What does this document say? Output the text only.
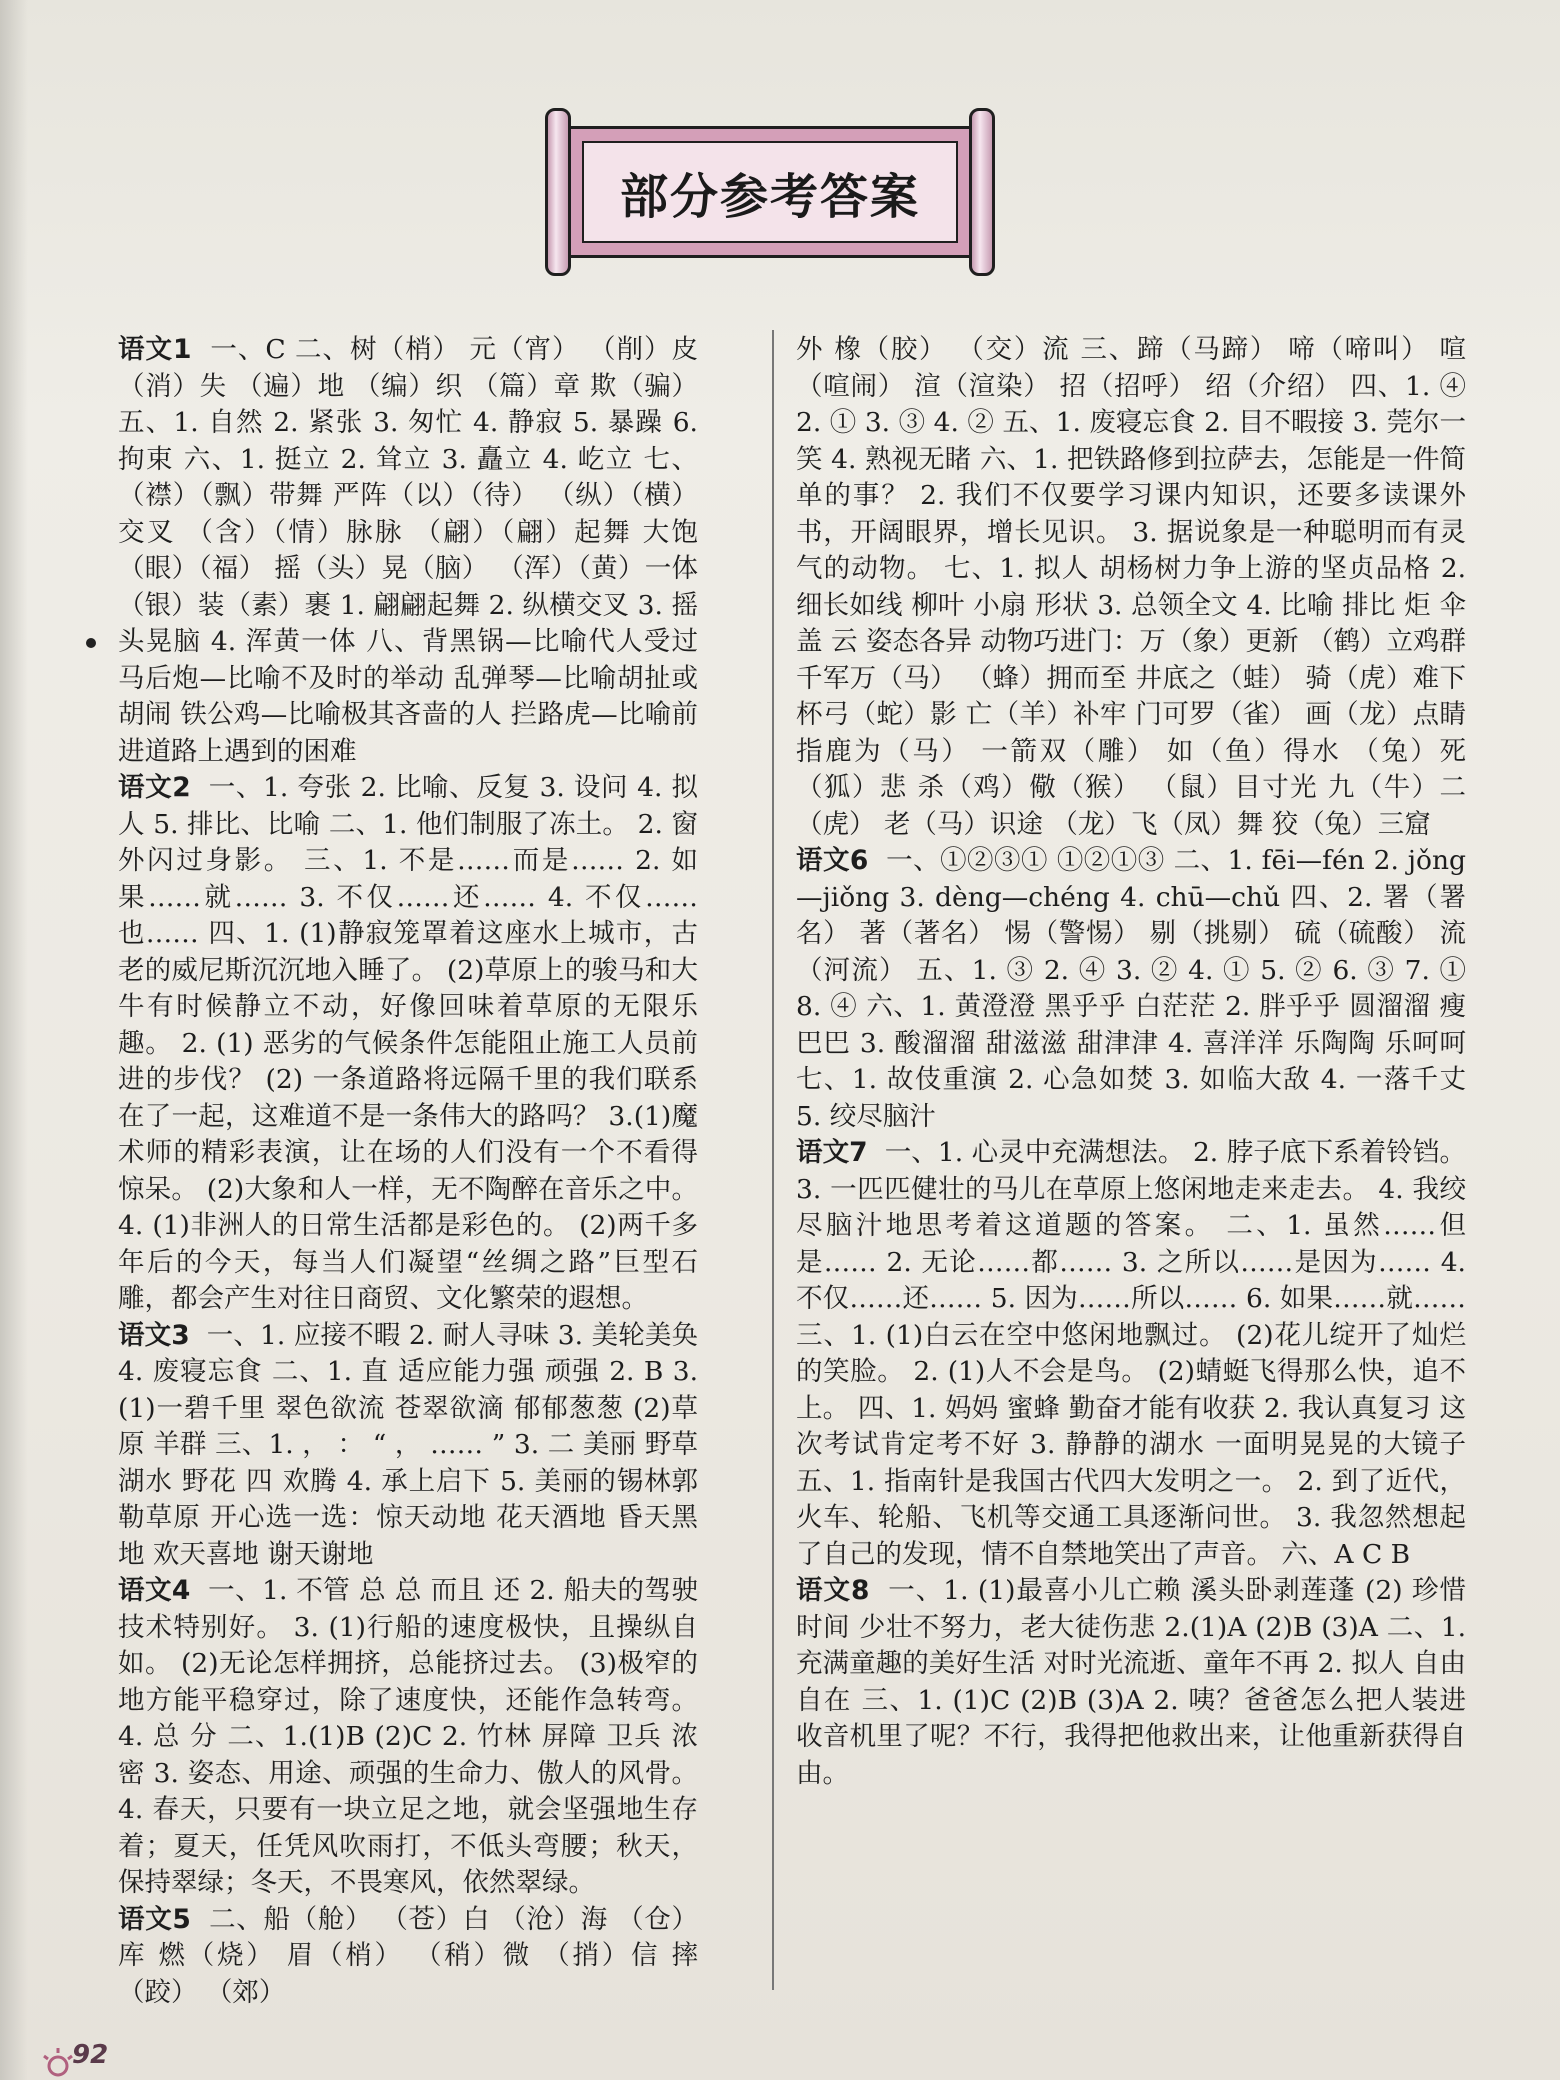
部分参考答案

语文1 一、C 二、树（梢） 元（宵） （削）皮（消）失 （遍）地 （编）织 （篇）章 欺（骗） 五、1. 自然 2. 紧张 3. 匆忙 4. 静寂 5. 暴躁 6. 拘束 六、1. 挺立 2. 耸立 3. 矗立 4. 屹立 七、（襟）（飘）带舞 严阵（以）（待） （纵）（横）交叉 （含）（情）脉脉 （翩）（翩）起舞 大饱（眼）（福） 摇（头）晃（脑） （浑）（黄）一体 （银）装（素）裹 1. 翩翩起舞 2. 纵横交叉 3. 摇头晃脑 4. 浑黄一体 八、背黑锅—比喻代人受过 马后炮—比喻不及时的举动 乱弹琴—比喻胡扯或胡闹 铁公鸡—比喻极其吝啬的人 拦路虎—比喻前进道路上遇到的困难

语文2 一、1. 夸张 2. 比喻、反复 3. 设问 4. 拟人 5. 排比、比喻 二、1. 他们制服了冻土。 2. 窗外闪过身影。 三、1. 不是……而是…… 2. 如果……就…… 3. 不仅……还…… 4. 不仅……也…… 四、1. (1)静寂笼罩着这座水上城市，古老的威尼斯沉沉地入睡了。 (2)草原上的骏马和大牛有时候静立不动，好像回味着草原的无限乐趣。 2. (1) 恶劣的气候条件怎能阻止施工人员前进的步伐？ (2) 一条道路将远隔千里的我们联系在了一起，这难道不是一条伟大的路吗？ 3.(1)魔术师的精彩表演，让在场的人们没有一个不看得惊呆。 (2)大象和人一样，无不陶醉在音乐之中。 4. (1)非洲人的日常生活都是彩色的。 (2)两千多年后的今天，每当人们凝望“丝绸之路”巨型石雕，都会产生对往日商贸、文化繁荣的遐想。

语文3 一、1. 应接不暇 2. 耐人寻味 3. 美轮美奂 4. 废寝忘食 二、1. 直 适应能力强 顽强 2. B 3. (1)一碧千里 翠色欲流 苍翠欲滴 郁郁葱葱 (2)草原 羊群 三、1. ， ： “ ， …… ” 3. 二 美丽 野草 湖水 野花 四 欢腾 4. 承上启下 5. 美丽的锡林郭勒草原 开心选一选：惊天动地 花天酒地 昏天黑地 欢天喜地 谢天谢地

语文4 一、1. 不管 总 总 而且 还 2. 船夫的驾驶技术特别好。 3. (1)行船的速度极快，且操纵自如。 (2)无论怎样拥挤，总能挤过去。 (3)极窄的地方能平稳穿过，除了速度快，还能作急转弯。 4. 总 分 二、1.(1)B (2)C 2. 竹林 屏障 卫兵 浓密 3. 姿态、用途、顽强的生命力、傲人的风骨。 4. 春天，只要有一块立足之地，就会坚强地生存着；夏天，任凭风吹雨打，不低头弯腰；秋天，保持翠绿；冬天，不畏寒风，依然翠绿。

语文5 二、船（舱） （苍）白 （沧）海 （仓）库 燃（烧） 眉（梢） （稍）微 （捎）信 摔（跤） （郊）

外 橡（胶） （交）流 三、蹄（马蹄） 啼（啼叫） 喧（喧闹） 渲（渲染） 招（招呼） 绍（介绍） 四、1. ④ 2. ① 3. ③ 4. ② 五、1. 废寝忘食 2. 目不暇接 3. 莞尔一笑 4. 熟视无睹 六、1. 把铁路修到拉萨去，怎能是一件简单的事？ 2. 我们不仅要学习课内知识，还要多读课外书，开阔眼界，增长见识。 3. 据说象是一种聪明而有灵气的动物。 七、1. 拟人 胡杨树力争上游的坚贞品格 2. 细长如线 柳叶 小扇 形状 3. 总领全文 4. 比喻 排比 炬 伞 盖 云 姿态各异 动物巧进门：万（象）更新 （鹤）立鸡群 千军万（马） （蜂）拥而至 井底之（蛙） 骑（虎）难下 杯弓（蛇）影 亡（羊）补牢 门可罗（雀） 画（龙）点睛 指鹿为（马） 一箭双（雕） 如（鱼）得水 （兔）死（狐）悲 杀（鸡）儆（猴） （鼠）目寸光 九（牛）二（虎） 老（马）识途 （龙）飞（凤）舞 狡（兔）三窟

语文6 一、①②③① ①②①③ 二、1. fēi—fén 2. jǒng—jiǒng 3. dèng—chéng 4. chū—chǔ 四、2. 署（署名） 著（著名） 惕（警惕） 剔（挑剔） 硫（硫酸） 流（河流） 五、1. ③ 2. ④ 3. ② 4. ① 5. ② 6. ③ 7. ① 8. ④ 六、1. 黄澄澄 黑乎乎 白茫茫 2. 胖乎乎 圆溜溜 瘦巴巴 3. 酸溜溜 甜滋滋 甜津津 4. 喜洋洋 乐陶陶 乐呵呵 七、1. 故伎重演 2. 心急如焚 3. 如临大敌 4. 一落千丈 5. 绞尽脑汁

语文7 一、1. 心灵中充满想法。 2. 脖子底下系着铃铛。 3. 一匹匹健壮的马儿在草原上悠闲地走来走去。 4. 我绞尽脑汁地思考着这道题的答案。 二、1. 虽然……但是…… 2. 无论……都…… 3. 之所以……是因为…… 4. 不仅……还…… 5. 因为……所以…… 6. 如果……就…… 三、1. (1)白云在空中悠闲地飘过。 (2)花儿绽开了灿烂的笑脸。 2. (1)人不会是鸟。 (2)蜻蜓飞得那么快，追不上。 四、1. 妈妈 蜜蜂 勤奋才能有收获 2. 我认真复习 这次考试肯定考不好 3. 静静的湖水 一面明晃晃的大镜子 五、1. 指南针是我国古代四大发明之一。 2. 到了近代，火车、轮船、飞机等交通工具逐渐问世。 3. 我忽然想起了自己的发现，情不自禁地笑出了声音。 六、A C B

语文8 一、1. (1)最喜小儿亡赖 溪头卧剥莲蓬 (2) 珍惜时间 少壮不努力，老大徒伤悲 2.(1)A (2)B (3)A 二、1. 充满童趣的美好生活 对时光流逝、童年不再 2. 拟人 自由自在 三、1. (1)C (2)B (3)A 2. 咦？爸爸怎么把人装进收音机里了呢？不行，我得把他救出来，让他重新获得自由。

92
